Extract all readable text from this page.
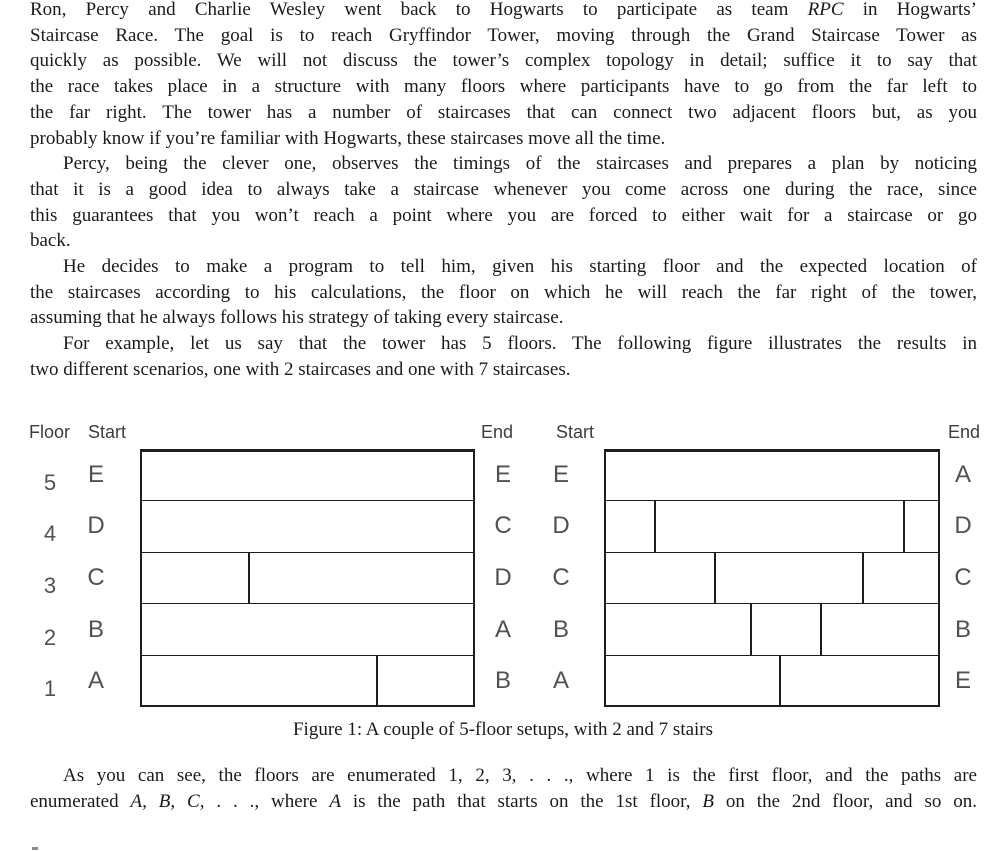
Ron, Percy and Charlie Wesley went back to Hogwarts to participate as team RPC in Hogwarts’
Staircase Race. The goal is to reach Gryffindor Tower, moving through the Grand Staircase Tower as
quickly as possible. We will not discuss the tower’s complex topology in detail; suffice it to say that
the race takes place in a structure with many floors where participants have to go from the far left to
the far right. The tower has a number of staircases that can connect two adjacent floors but, as you
probably know if you’re familiar with Hogwarts, these staircases move all the time.

Percy, being the clever one, observes the timings of the staircases and prepares a plan by noticing
that it is a good idea to always take a staircase whenever you come across one during the race, since
this guarantees that you won’t reach a point where you are forced to either wait for a staircase or go
back.

He decides to make a program to tell him, given his starting floor and the expected location of
the staircases according to his calculations, the floor on which he will reach the far right of the tower,
assuming that he always follows his strategy of taking every staircase.

For example, let us say that the tower has 5 floors. The following figure illustrates the results in
two different scenarios, one with 2 staircases and one with 7 staircases.

Floor Start	End Start	End
5
4
3
2
1
E
D
C
B
A
E
C
D
A
B
E
D
C
B
A
A
D
C
B
E
Figure 1: A couple of 5-floor setups, with 2 and 7 stairs

As you can see, the floors are enumerated 1, 2, 3, . . ., where 1 is the first floor, and the paths are
enumerated A, B, C, . . ., where A is the path that starts on the 1st floor, B on the 2nd floor, and so on.
